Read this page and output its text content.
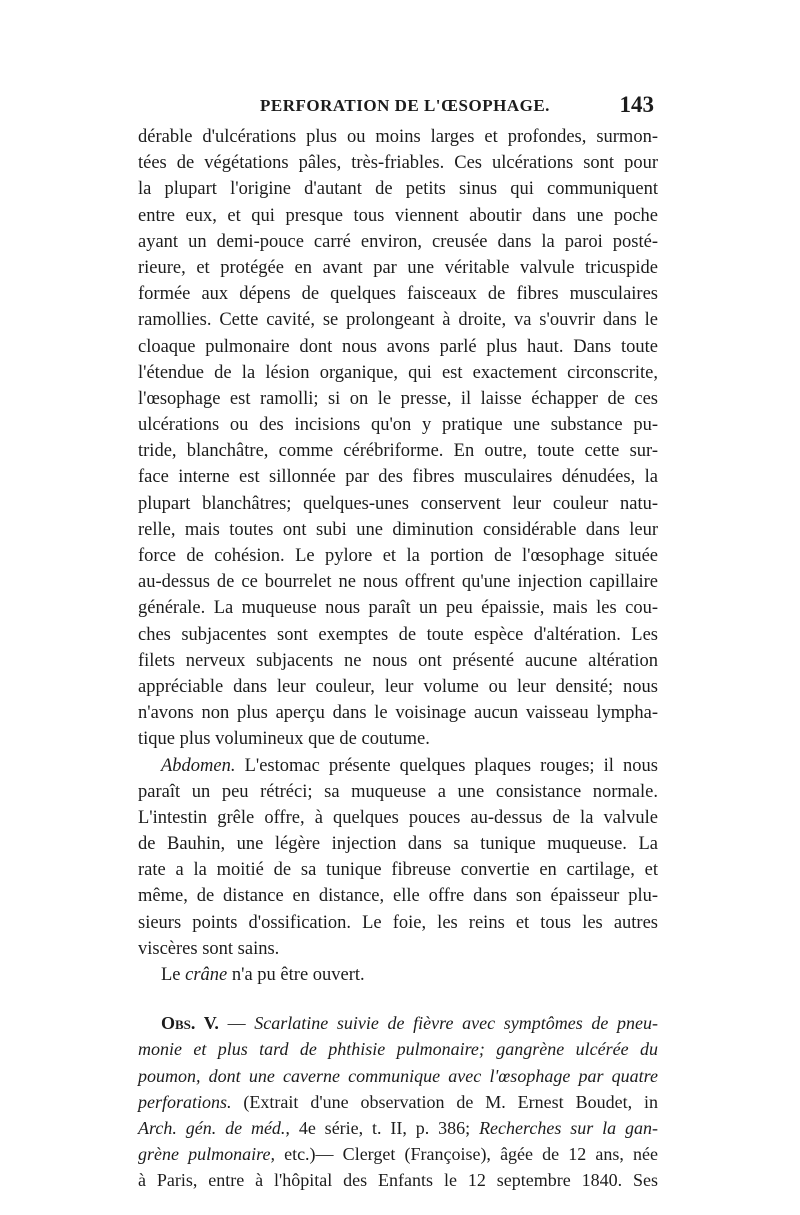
PERFORATION DE L'ŒSOPHAGE.	143
dérable d'ulcérations plus ou moins larges et profondes, surmon-
tées de végétations pâles, très-friables. Ces ulcérations sont pour
la plupart l'origine d'autant de petits sinus qui communiquent
entre eux, et qui presque tous viennent aboutir dans une poche
ayant un demi-pouce carré environ, creusée dans la paroi posté-
rieure, et protégée en avant par une véritable valvule tricuspide
formée aux dépens de quelques faisceaux de fibres musculaires
ramollies. Cette cavité, se prolongeant à droite, va s'ouvrir dans le
cloaque pulmonaire dont nous avons parlé plus haut. Dans toute
l'étendue de la lésion organique, qui est exactement circonscrite,
l'œsophage est ramolli; si on le presse, il laisse échapper de ces
ulcérations ou des incisions qu'on y pratique une substance pu-
tride, blanchâtre, comme cérébriforme. En outre, toute cette sur-
face interne est sillonnée par des fibres musculaires dénudées, la
plupart blanchâtres; quelques-unes conservent leur couleur natu-
relle, mais toutes ont subi une diminution considérable dans leur
force de cohésion. Le pylore et la portion de l'œsophage située
au-dessus de ce bourrelet ne nous offrent qu'une injection capillaire
générale. La muqueuse nous paraît un peu épaissie, mais les cou-
ches subjacentes sont exemptes de toute espèce d'altération. Les
filets nerveux subjacents ne nous ont présenté aucune altération
appréciable dans leur couleur, leur volume ou leur densité; nous
n'avons non plus aperçu dans le voisinage aucun vaisseau lympha-
tique plus volumineux que de coutume.
Abdomen. L'estomac présente quelques plaques rouges; il nous
paraît un peu rétréci; sa muqueuse a une consistance normale.
L'intestin grêle offre, à quelques pouces au-dessus de la valvule
de Bauhin, une légère injection dans sa tunique muqueuse. La
rate a la moitié de sa tunique fibreuse convertie en cartilage, et
même, de distance en distance, elle offre dans son épaisseur plu-
sieurs points d'ossification. Le foie, les reins et tous les autres
viscères sont sains.
Le crâne n'a pu être ouvert.
Obs. V. — Scarlatine suivie de fièvre avec symptômes de pneu-
monie et plus tard de phthisie pulmonaire; gangrène ulcérée du
poumon, dont une caverne communique avec l'œsophage par quatre
perforations. (Extrait d'une observation de M. Ernest Boudet, in
Arch. gén. de méd., 4e série, t. II, p. 386; Recherches sur la gan-
grène pulmonaire, etc.)— Clerget (Françoise), âgée de 12 ans, née
à Paris, entre à l'hôpital des Enfants le 12 septembre 1840. Ses
